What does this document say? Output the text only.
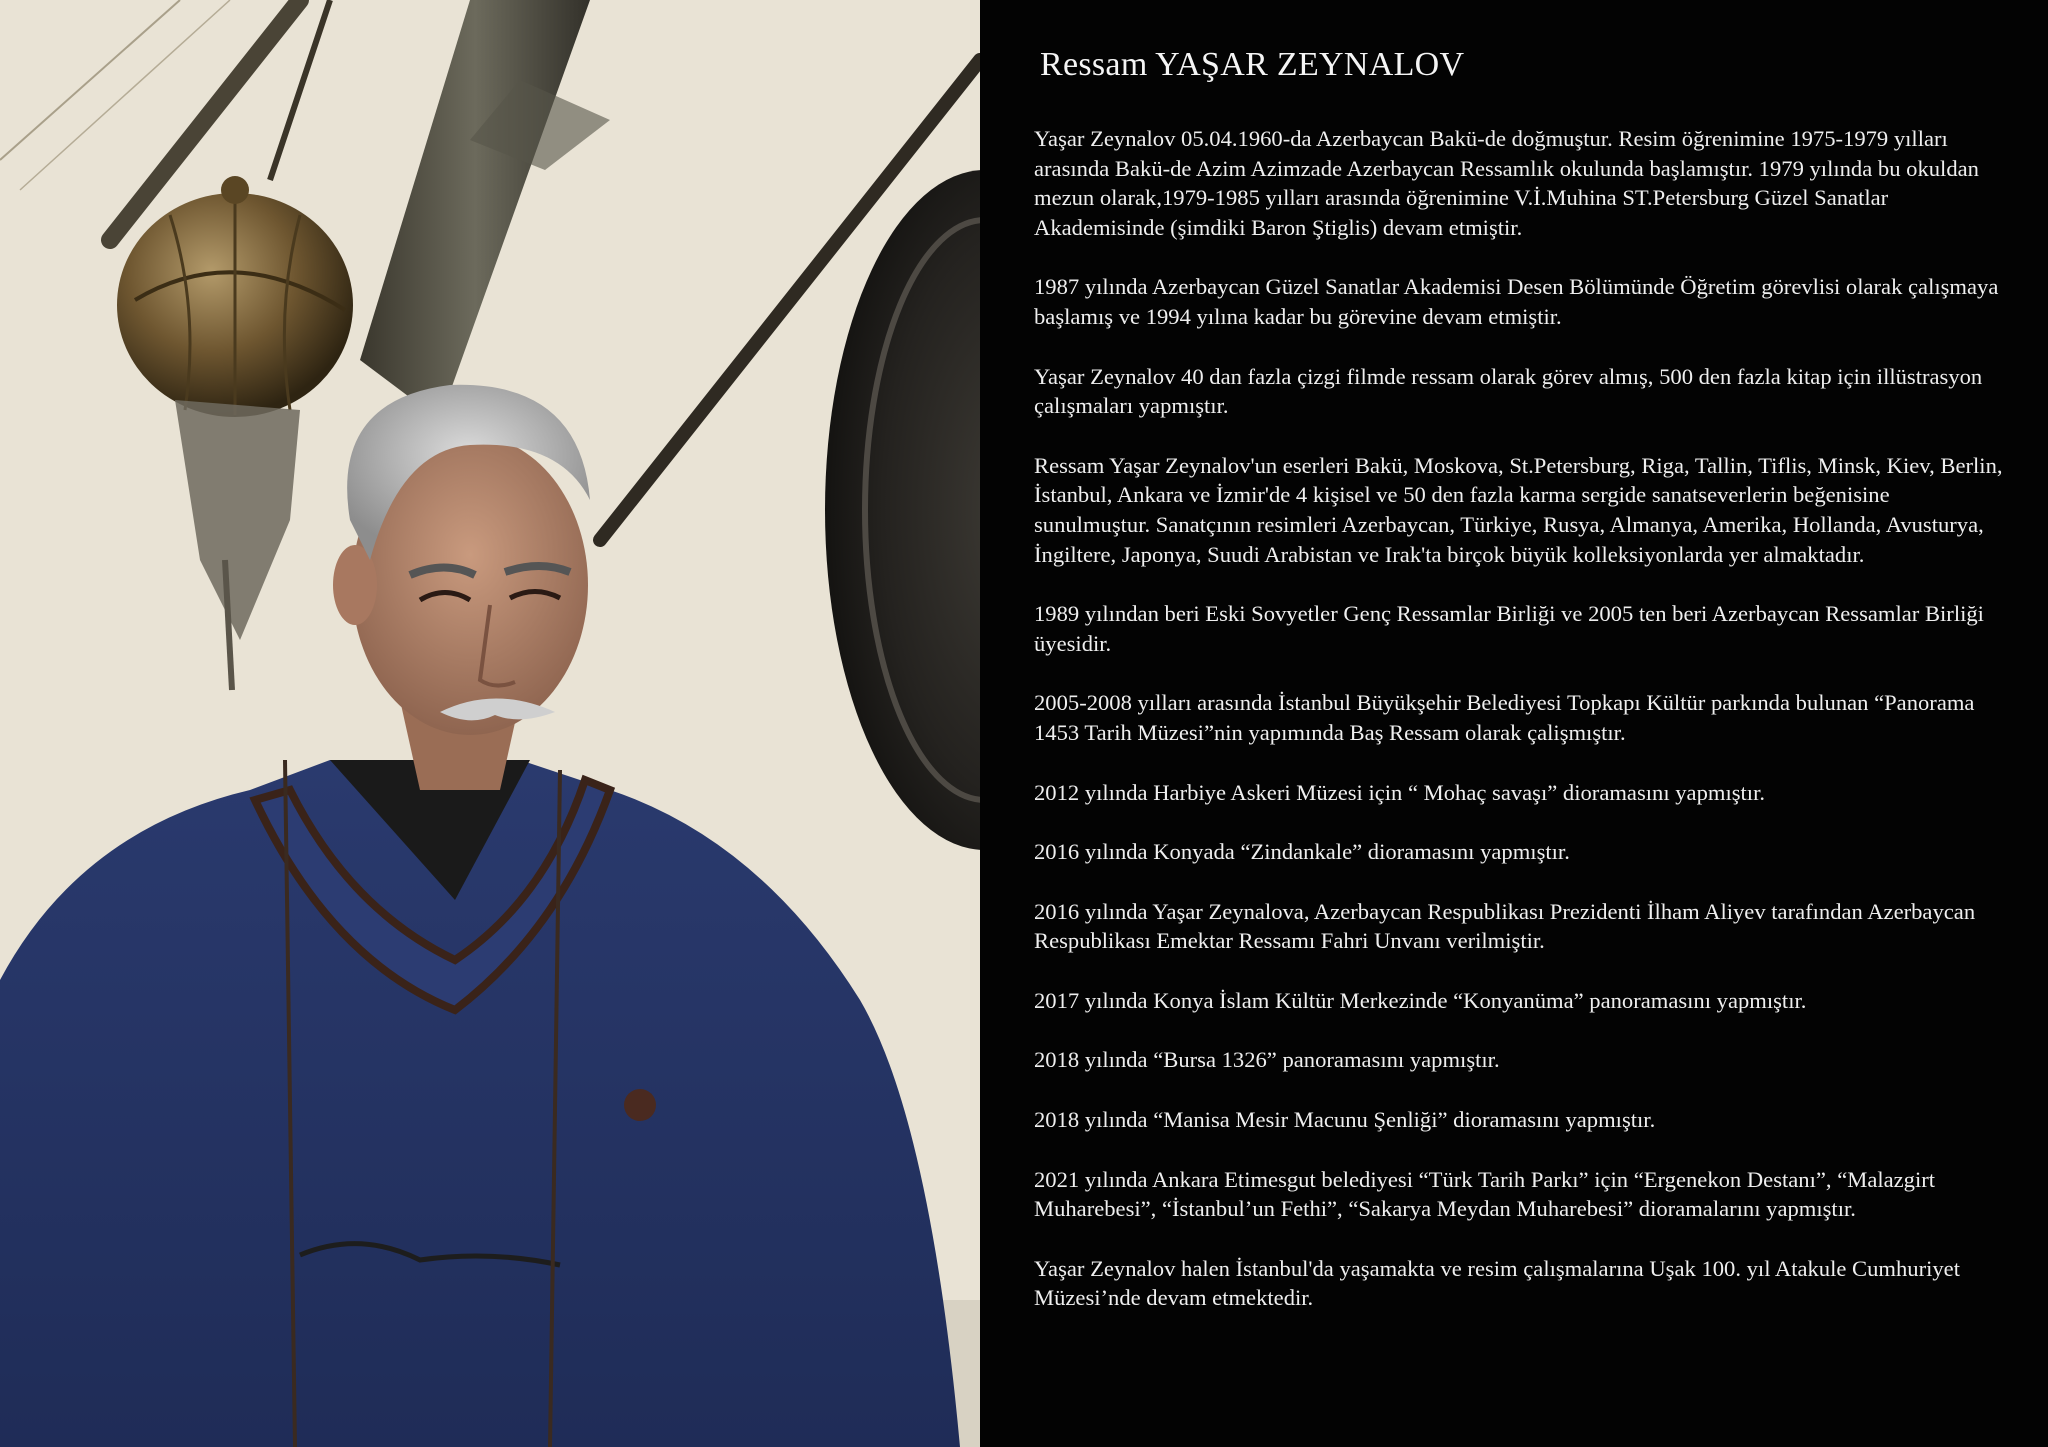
Ressam YAŞAR ZEYNALOV

Yaşar Zeynalov 05.04.1960-da Azerbaycan Bakü-de doğmuştur. Resim öğrenimine 1975-1979 yılları arasında Bakü-de Azim Azimzade Azerbaycan Ressamlık okulunda başlamıştır. 1979 yılında bu okuldan mezun olarak,1979-1985 yılları arasında öğrenimine V.İ.Muhina ST.Petersburg Güzel Sanatlar Akademisinde (şimdiki Baron Ştiglis) devam etmiştir.

1987 yılında Azerbaycan Güzel Sanatlar Akademisi Desen Bölümünde Öğretim görevlisi olarak çalışmaya başlamış ve 1994 yılına kadar bu görevine devam etmiştir.

Yaşar Zeynalov 40 dan fazla çizgi filmde ressam olarak görev almış, 500 den fazla kitap için illüstrasyon çalışmaları yapmıştır.

Ressam Yaşar Zeynalov'un eserleri Bakü, Moskova, St.Petersburg, Riga, Tallin, Tiflis, Minsk, Kiev, Berlin, İstanbul, Ankara ve İzmir'de 4 kişisel ve 50 den fazla karma sergide sanatseverlerin beğenisine sunulmuştur. Sanatçının resimleri Azerbaycan, Türkiye, Rusya, Almanya, Amerika, Hollanda, Avusturya, İngiltere, Japonya, Suudi Arabistan ve Irak'ta birçok büyük kolleksiyonlarda yer almaktadır.

1989 yılından beri Eski Sovyetler Genç Ressamlar Birliği ve 2005 ten beri Azerbaycan Ressamlar Birliği üyesidir.

2005-2008 yılları arasında İstanbul Büyükşehir Belediyesi Topkapı Kültür parkında bulunan “Panorama 1453 Tarih Müzesi”nin yapımında Baş Ressam olarak çalişmıştır.

2012 yılında Harbiye Askeri Müzesi için “ Mohaç savaşı” dioramasını yapmıştır.

2016 yılında Konyada “Zindankale” dioramasını yapmıştır.

2016 yılında Yaşar Zeynalova, Azerbaycan Respublikası Prezidenti İlham Aliyev tarafından Azerbaycan Respublikası Emektar Ressamı Fahri Unvanı verilmiştir.

2017 yılında Konya İslam Kültür Merkezinde “Konyanüma” panoramasını yapmıştır.

2018 yılında “Bursa 1326” panoramasını yapmıştır.

2018 yılında “Manisa Mesir Macunu Şenliği” dioramasını yapmıştır.

2021 yılında Ankara Etimesgut belediyesi “Türk Tarih Parkı” için “Ergenekon Destanı”, “Malazgirt Muharebesi”, “İstanbul’un Fethi”, “Sakarya Meydan Muharebesi” dioramalarını yapmıştır.

Yaşar Zeynalov halen İstanbul'da yaşamakta ve resim çalışmalarına Uşak 100. yıl Atakule Cumhuriyet Müzesi’nde devam etmektedir.
